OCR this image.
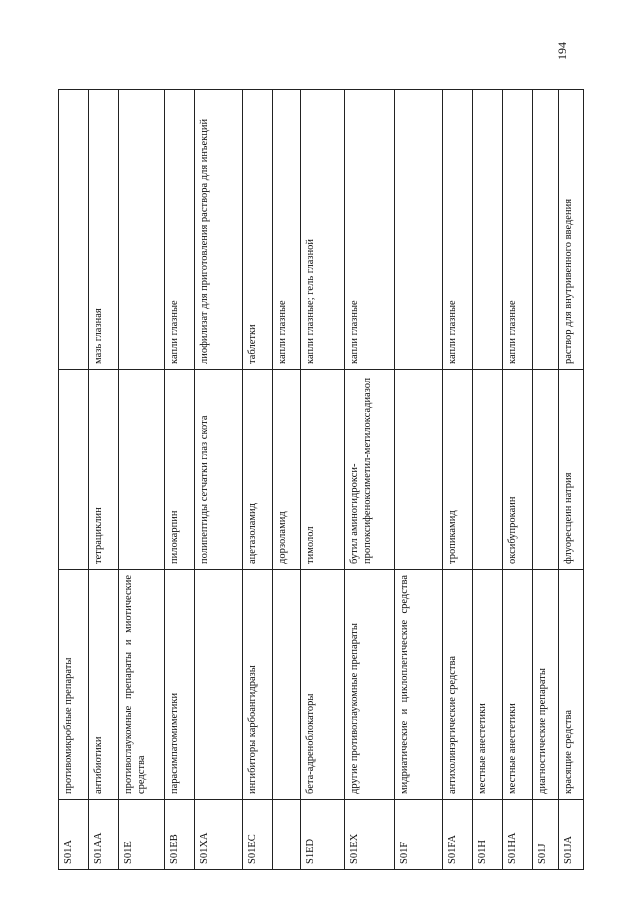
194
S01A	противомикробные препараты		
S01AA	антибиотики	тетрациклин	мазь глазная
S01E	противоглаукомные препараты и миотические средства		
S01EB	парасимпатомиметики	пилокарпин	капли глазные
S01XA		полипептиды сетчатки глаз скота	лиофилизат для приготовления раствора для инъекций
S01EC	ингибиторы карбоангидразы	ацетазоламид	таблетки
		дорзоламид	капли глазные
S1ED	бета-адреноблокаторы	тимолол	капли глазные; гель глазной
S01EX	другие противоглаукомные препараты	бутил аминогидрокси-пропоксифеноксиметил-метилоксадиазол	капли глазные
S01F	мидриатические и циклоплегические средства		
S01FA	антихолинэргические средства	тропикамид	капли глазные
S01H	местные анестетики		
S01HA	местные анестетики	оксибупрокаин	капли глазные
S01J	диагностические препараты		
S01JA	красящие средства	флуоресцеин натрия	раствор для внутривенного введения
